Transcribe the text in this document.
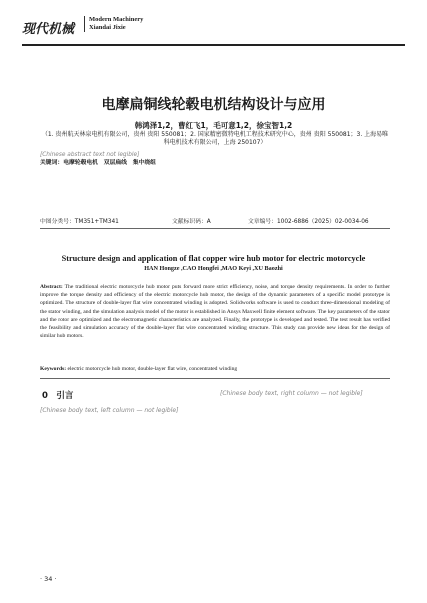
现代机械
Modern Machinery
Xiandai Jixie
电摩扁铜线轮毂电机结构设计与应用
韩鸿泽1,2，曹红飞1，毛可意1,2，徐宝智1,2
（1. 贵州航天林泉电机有限公司，贵州 贵阳 550081；2. 国家精密微特电机工程技术研究中心，贵州 贵阳 550081；3. 上海易唯科电机技术有限公司，上海 250107）
[Chinese abstract text not legible]
关键词：电摩轮毂电机　双层扁线　集中绕组
中图分类号：TM351+TM341	文献标识码：A	文章编号：1002-6886（2025）02-0034-06
Structure design and application of flat copper wire hub motor for electric motorcycle
HAN Hongze ,CAO Hongfei ,MAO Keyi ,XU Baozhi
Abstract: The traditional electric motorcycle hub motor puts forward more strict efficiency, noise, and torque density requirements. In order to further improve the torque density and efficiency of the electric motorcycle hub motor, the design of the dynamic parameters of a specific model prototype is optimized. The structure of double-layer flat wire concentrated winding is adopted. Solidworks software is used to conduct three-dimensional modeling of the stator winding, and the simulation analysis model of the motor is established in Ansys Maxwell finite element software. The key parameters of the stator and the rotor are optimized and the electromagnetic characteristics are analyzed. Finally, the prototype is developed and tested. The test result has verified the feasibility and simulation accuracy of the double-layer flat wire concentrated winding structure. This study can provide new ideas for the design of similar hub motors.
Keywords: electric motorcycle hub motor, double-layer flat wire, concentrated winding
0　引言
[Chinese body text, left column — not legible]
[Chinese body text, right column — not legible]
· 34 ·
